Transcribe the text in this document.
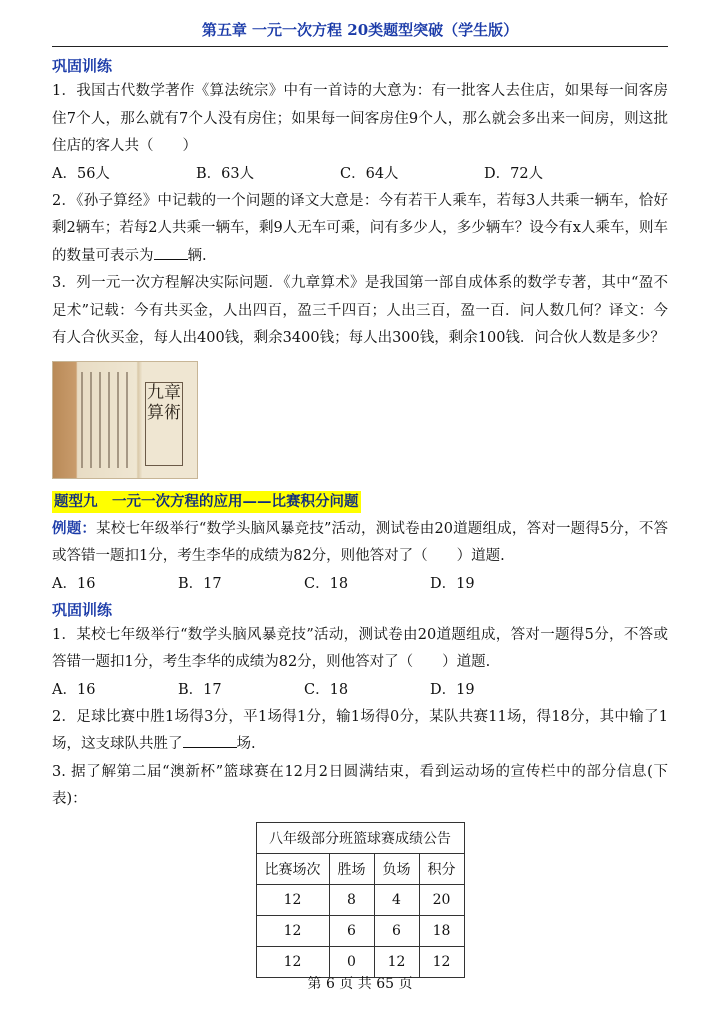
第五章 一元一次方程 20类题型突破（学生版）
巩固训练
1．我国古代数学著作《算法统宗》中有一首诗的大意为：有一批客人去住店，如果每一间客房住7个人，那么就有7个人没有房住；如果每一间客房住9个人，那么就会多出来一间房，则这批住店的客人共（　　）
A．56人	B．63人	C．64人	D．72人
2．《孙子算经》中记载的一个问题的译文大意是：今有若干人乘车，若每3人共乘一辆车，恰好剩2辆车；若每2人共乘一辆车，剩9人无车可乘，问有多少人，多少辆车？设今有x人乘车，则车的数量可表示为 辆.
3．列一元一次方程解决实际问题．《九章算术》是我国第一部自成体系的数学专著，其中“盈不足术”记载：今有共买金，人出四百，盈三千四百；人出三百，盈一百．问人数几何？译文：今有人合伙买金，每人出400钱，剩余3400钱；每人出300钱，剩余100钱．问合伙人数是多少？
九章
算術
题型九　一元一次方程的应用——比赛积分问题
例题：某校七年级举行“数学头脑风暴竞技”活动，测试卷由20道题组成，答对一题得5分，不答或答错一题扣1分，考生李华的成绩为82分，则他答对了（　　）道题.
A．16	B．17	C．18	D．19
巩固训练
1．某校七年级举行“数学头脑风暴竞技”活动，测试卷由20道题组成，答对一题得5分，不答或答错一题扣1分，考生李华的成绩为82分，则他答对了（　　）道题.
A．16	B．17	C．18	D．19
2．足球比赛中胜1场得3分，平1场得1分，输1场得0分，某队共赛11场，得18分，其中输了1场，这支球队共胜了	场.
3. 据了解第二届“澳新杯”篮球赛在12月2日圆满结束，看到运动场的宣传栏中的部分信息(下表)：
八年级部分班篮球赛成绩公告			
比赛场次	胜场	负场	积分
12	8	4	20
12	6	6	18
12	0	12	12
第 6 页 共 65 页
